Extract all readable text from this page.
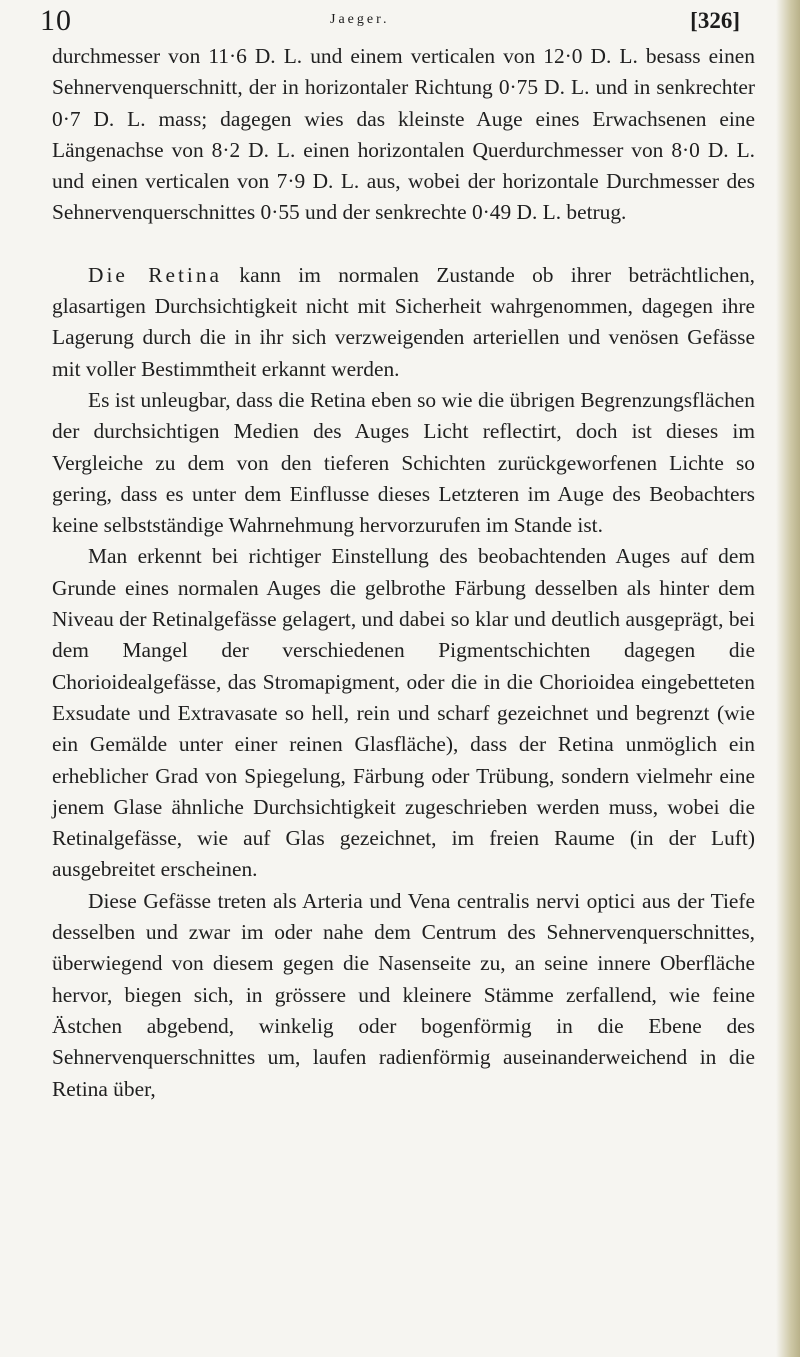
10	Jaeger.	[326]

durchmesser von 11·6 D. L. und einem verticalen von 12·0 D. L. besass einen Sehnervenquerschnitt, der in horizontaler Richtung 0·75 D. L. und in senkrechter 0·7 D. L. mass; dagegen wies das kleinste Auge eines Erwachsenen eine Längenachse von 8·2 D. L. einen horizontalen Querdurchmesser von 8·0 D. L. und einen verticalen von 7·9 D. L. aus, wobei der horizontale Durchmesser des Sehnervenquerschnittes 0·55 und der senkrechte 0·49 D. L. betrug.

Die Retina kann im normalen Zustande ob ihrer beträchtlichen, glasartigen Durchsichtigkeit nicht mit Sicherheit wahrgenommen, dagegen ihre Lagerung durch die in ihr sich verzweigenden arteriellen und venösen Gefässe mit voller Bestimmtheit erkannt werden.

Es ist unleugbar, dass die Retina eben so wie die übrigen Begrenzungsflächen der durchsichtigen Medien des Auges Licht reflectirt, doch ist dieses im Vergleiche zu dem von den tieferen Schichten zurückgeworfenen Lichte so gering, dass es unter dem Einflusse dieses Letzteren im Auge des Beobachters keine selbstständige Wahrnehmung hervorzurufen im Stande ist.

Man erkennt bei richtiger Einstellung des beobachtenden Auges auf dem Grunde eines normalen Auges die gelbrothe Färbung desselben als hinter dem Niveau der Retinalgefässe gelagert, und dabei so klar und deutlich ausgeprägt, bei dem Mangel der verschiedenen Pigmentschichten dagegen die Chorioidealgefässe, das Stromapigment, oder die in die Chorioidea eingebetteten Exsudate und Extravasate so hell, rein und scharf gezeichnet und begrenzt (wie ein Gemälde unter einer reinen Glasfläche), dass der Retina unmöglich ein erheblicher Grad von Spiegelung, Färbung oder Trübung, sondern vielmehr eine jenem Glase ähnliche Durchsichtigkeit zugeschrieben werden muss, wobei die Retinalgefässe, wie auf Glas gezeichnet, im freien Raume (in der Luft) ausgebreitet erscheinen.

Diese Gefässe treten als Arteria und Vena centralis nervi optici aus der Tiefe desselben und zwar im oder nahe dem Centrum des Sehnervenquerschnittes, überwiegend von diesem gegen die Nasenseite zu, an seine innere Oberfläche hervor, biegen sich, in grössere und kleinere Stämme zerfallend, wie feine Ästchen abgebend, winkelig oder bogenförmig in die Ebene des Sehnervenquerschnittes um, laufen radienförmig auseinanderweichend in die Retina über,
